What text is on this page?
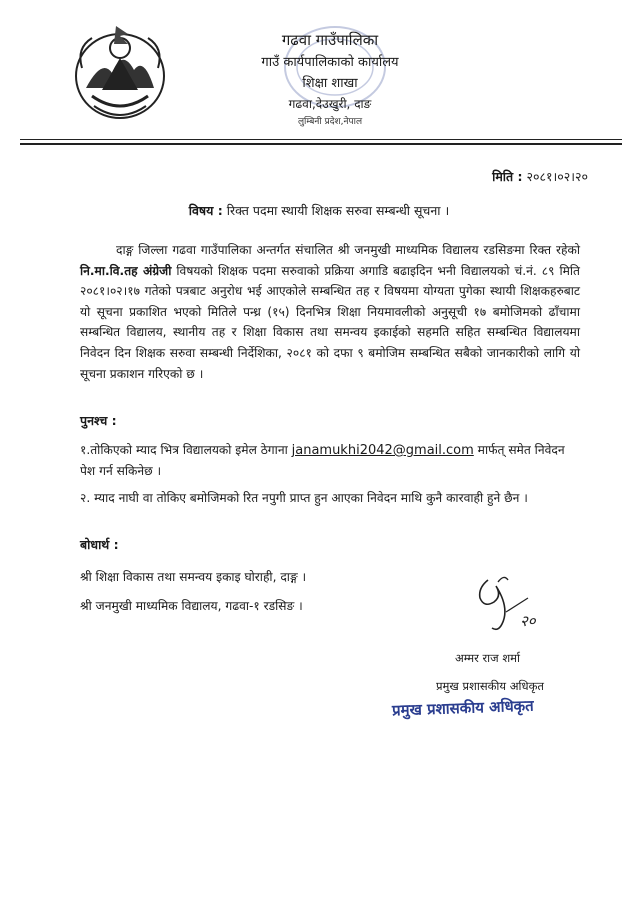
गढवा गाउँपालिका
गाउँ कार्यपालिकाको कार्यालय
शिक्षा शाखा
गढवा,देउखुरी, दाङ
लुम्बिनी प्रदेश,नेपाल
मिति : २०८१।०२।२०
विषय : रिक्त पदमा स्थायी शिक्षक सरुवा सम्बन्धी सूचना ।
दाङ्ग जिल्ला गढवा गाउँपालिका अन्तर्गत संचालित श्री जनमुखी माध्यमिक विद्यालय रडसिङमा रिक्त रहेको नि.मा.वि.तह अंग्रेजी विषयको शिक्षक पदमा सरुवाको प्रक्रिया अगाडि बढाइदिन भनी विद्यालयको चं.नं. ८९ मिति २०८१।०२।१७ गतेको पत्रबाट अनुरोध भई आएकोले सम्बन्धित तह र विषयमा योग्यता पुगेका स्थायी शिक्षकहरुबाट यो सूचना प्रकाशित भएको मितिले पन्ध्र (१५) दिनभित्र शिक्षा नियमावलीको अनुसूची १७ बमोजिमको ढाँचामा सम्बन्धित विद्यालय, स्थानीय तह र शिक्षा विकास तथा समन्वय इकाईको सहमति सहित सम्बन्धित विद्यालयमा निवेदन दिन शिक्षक सरुवा सम्बन्धी निर्देशिका, २०८१ को दफा ९ बमोजिम सम्बन्धित सबैको जानकारीको लागि यो सूचना प्रकाशन गरिएको छ ।
पुनश्च :
१.तोकिएको म्याद भित्र विद्यालयको इमेल ठेगाना janamukhi2042@gmail.com मार्फत् समेत निवेदन पेश गर्न सकिनेछ ।
२. म्याद नाघी वा तोकिए बमोजिमको रित नपुगी प्राप्त हुन आएका निवेदन माथि कुनै कारवाही हुने छैन ।
बोधार्थ :
श्री शिक्षा विकास तथा समन्वय इकाइ घोराही, दाङ्ग ।
श्री जनमुखी माध्यमिक विद्यालय, गढवा-१ रडसिङ ।
२०
अम्मर राज शर्मा
प्रमुख प्रशासकीय अधिकृत
प्रमुख प्रशासकीय अधिकृत
